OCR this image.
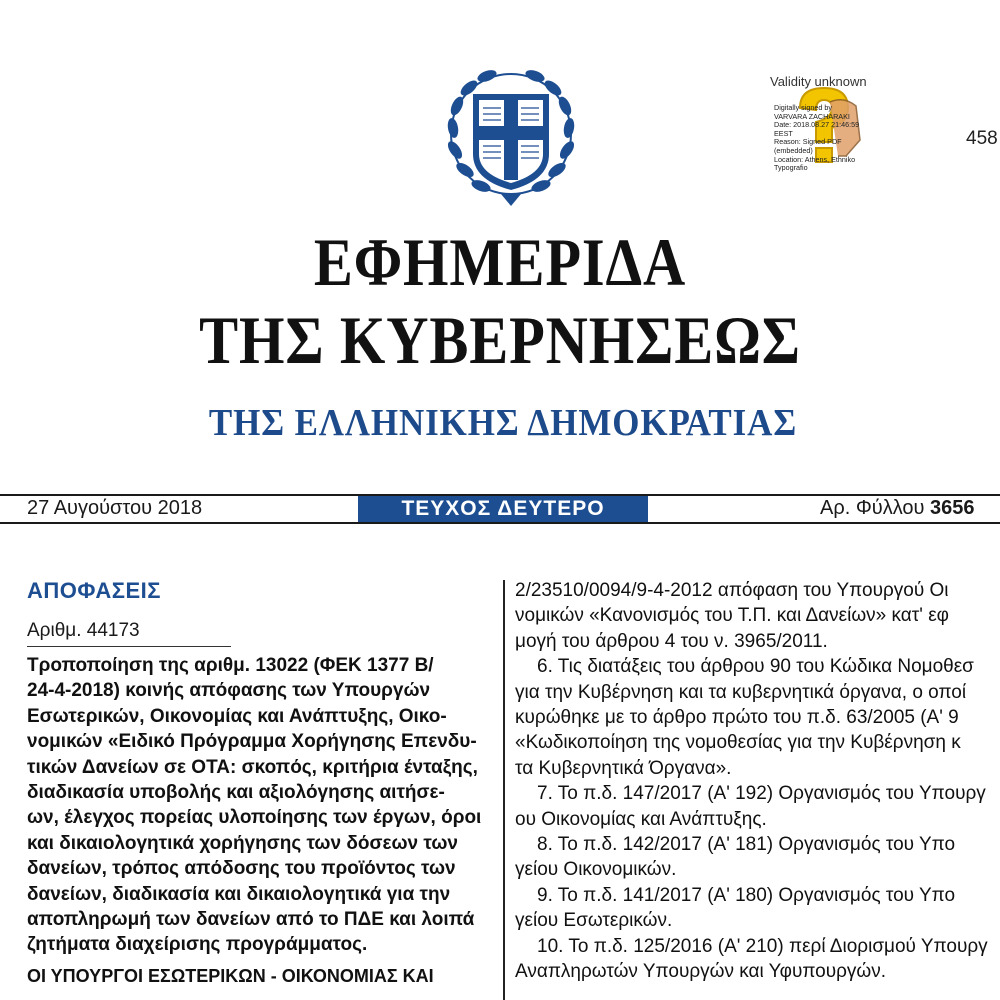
Validity unknown
Digitally signed by
VARVARA ZACHARAKI
Date: 2018.08.27 21:46:59
EEST
Reason: Signed PDF
(embedded)
Location: Athens, Ethniko
Typografio
458
ΕΦΗΜΕΡΙΔΑ
ΤΗΣ ΚΥΒΕΡΝΗΣΕΩΣ
ΤΗΣ ΕΛΛΗΝΙΚΗΣ ΔΗΜΟΚΡΑΤΙΑΣ
27 Αυγούστου 2018	ΤΕΥΧΟΣ ΔΕΥΤΕΡΟ	Αρ. Φύλλου 3656
ΑΠΟΦΑΣΕΙΣ
Αριθμ. 44173
Τροποποίηση της αριθμ. 13022 (ΦΕΚ 1377 Β/
24-4-2018) κοινής απόφασης των Υπουργών
Εσωτερικών, Οικονομίας και Ανάπτυξης, Οικο-
νομικών «Ειδικό Πρόγραμμα Χορήγησης Επενδυ-
τικών Δανείων σε ΟΤΑ: σκοπός, κριτήρια ένταξης,
διαδικασία υποβολής και αξιολόγησης αιτήσε-
ων, έλεγχος πορείας υλοποίησης των έργων, όροι
και δικαιολογητικά χορήγησης των δόσεων των
δανείων, τρόπος απόδοσης του προϊόντος των
δανείων, διαδικασία και δικαιολογητικά για την
αποπληρωμή των δανείων από το ΠΔΕ και λοιπά
ζητήματα διαχείρισης προγράμματος.
ΟΙ ΥΠΟΥΡΓΟΙ ΕΣΩΤΕΡΙΚΩΝ - ΟΙΚΟΝΟΜΙΑΣ ΚΑΙ

2/23510/0094/9-4-2012 απόφαση του Υπουργού Οι

νομικών «Κανονισμός του Τ.Π. και Δανείων» κατ' εφ

μογή του άρθρου 4 του ν. 3965/2011.

6. Τις διατάξεις του άρθρου 90 του Κώδικα Νομοθεσ

για την Κυβέρνηση και τα κυβερνητικά όργανα, ο οποί

κυρώθηκε με το άρθρο πρώτο του π.δ. 63/2005 (Α' 9

«Κωδικοποίηση της νομοθεσίας για την Κυβέρνηση κ

τα Κυβερνητικά Όργανα».

7. Το π.δ. 147/2017 (Α' 192) Οργανισμός του Υπουργ

ου Οικονομίας και Ανάπτυξης.

8. Το π.δ. 142/2017 (Α' 181) Οργανισμός του Υπο

γείου Οικονομικών.

9. Το π.δ. 141/2017 (Α' 180) Οργανισμός του Υπο

γείου Εσωτερικών.

10. Το π.δ. 125/2016 (Α' 210) περί Διορισμού Υπουργ

Αναπληρωτών Υπουργών και Υφυπουργών.
